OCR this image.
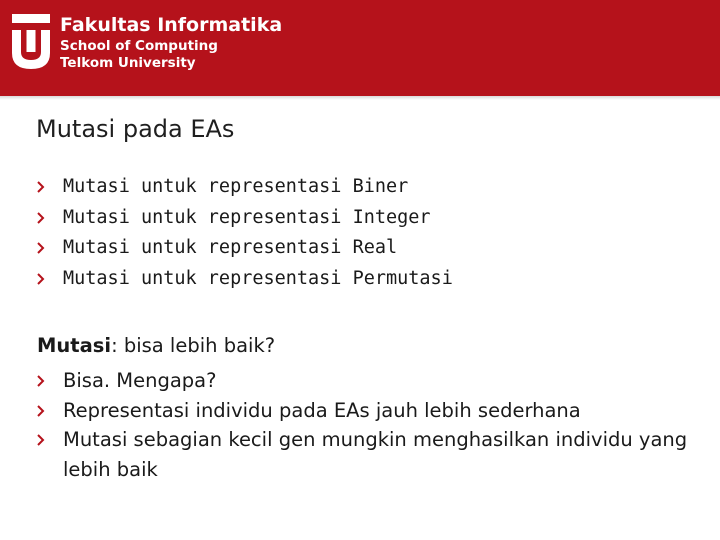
Fakultas Informatika
School of Computing
Telkom University
Mutasi pada EAs
Mutasi untuk representasi Biner
Mutasi untuk representasi Integer
Mutasi untuk representasi Real
Mutasi untuk representasi Permutasi
Mutasi: bisa lebih baik?
Bisa. Mengapa?
Representasi individu pada EAs jauh lebih sederhana
Mutasi sebagian kecil gen mungkin menghasilkan individu yang lebih baik
